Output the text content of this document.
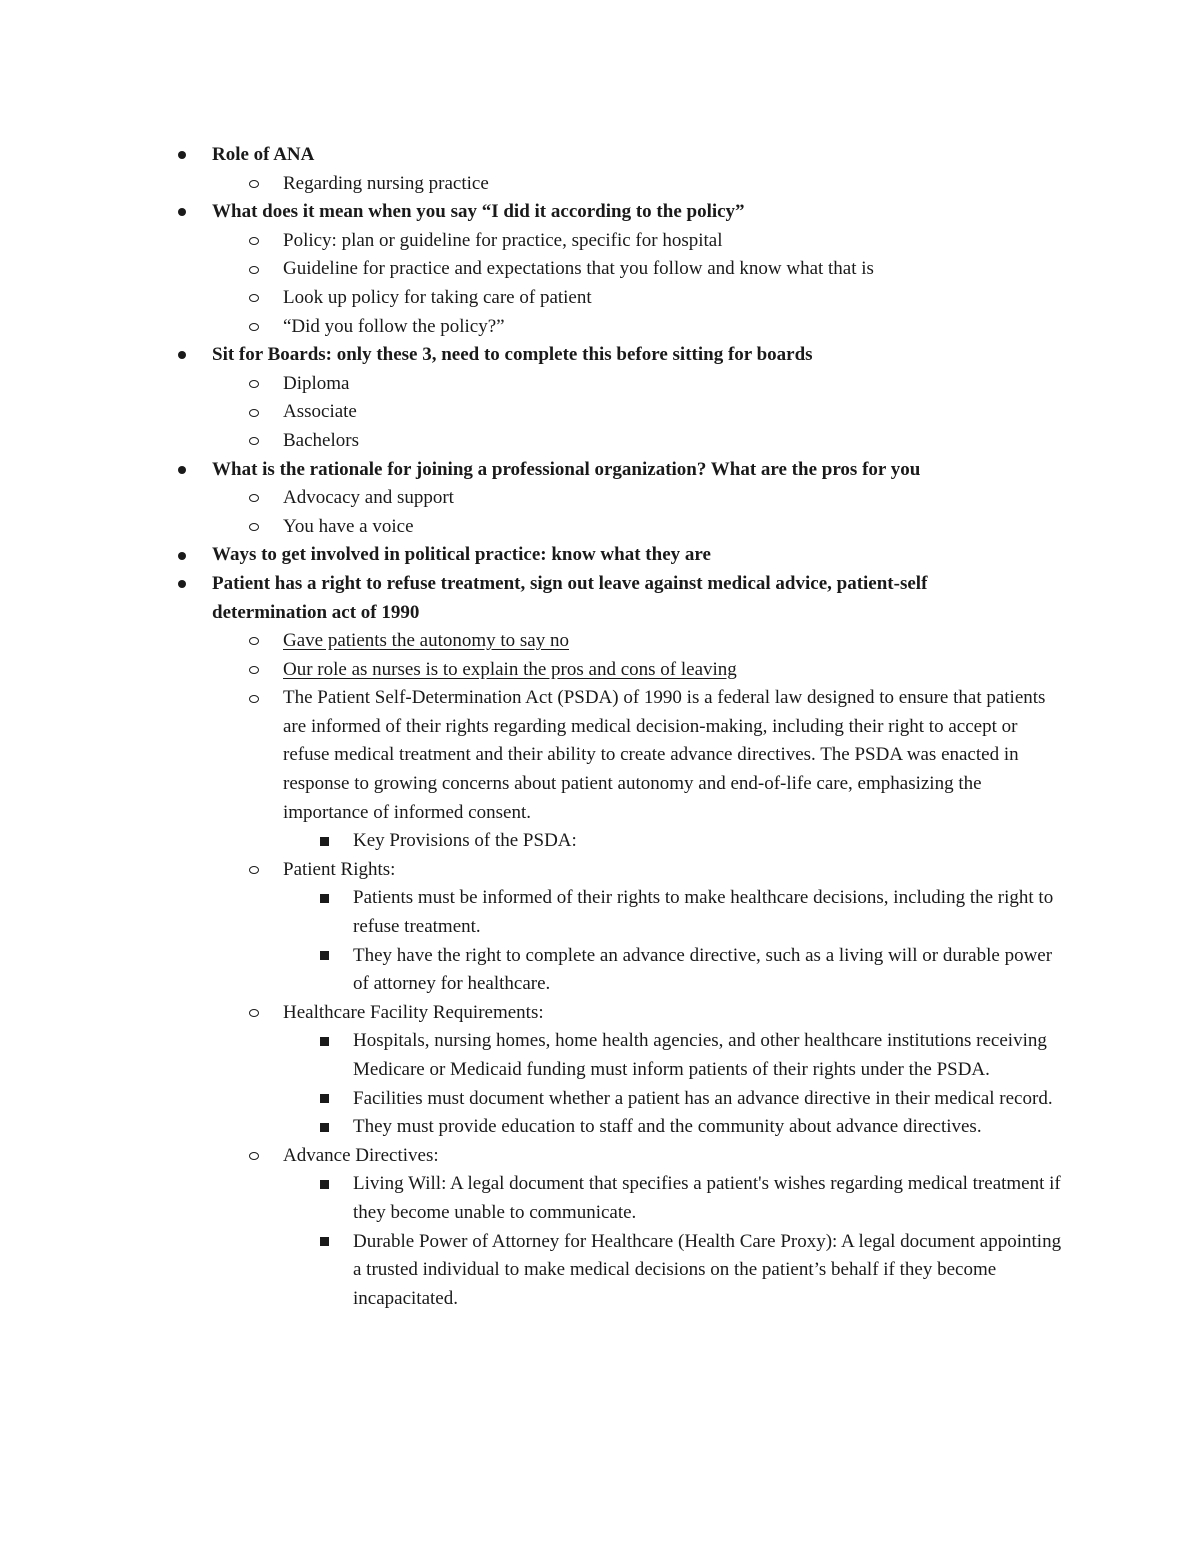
Role of ANA
Regarding nursing practice
What does it mean when you say “I did it according to the policy”
Policy: plan or guideline for practice, specific for hospital
Guideline for practice and expectations that you follow and know what that is
Look up policy for taking care of patient
“Did you follow the policy?”
Sit for Boards: only these 3, need to complete this before sitting for boards
Diploma
Associate
Bachelors
What is the rationale for joining a professional organization? What are the pros for you
Advocacy and support
You have a voice
Ways to get involved in political practice: know what they are
Patient has a right to refuse treatment, sign out leave against medical advice, patient-self determination act of 1990
Gave patients the autonomy to say no
Our role as nurses is to explain the pros and cons of leaving
The Patient Self-Determination Act (PSDA) of 1990 is a federal law designed to ensure that patients are informed of their rights regarding medical decision-making, including their right to accept or refuse medical treatment and their ability to create advance directives. The PSDA was enacted in response to growing concerns about patient autonomy and end-of-life care, emphasizing the importance of informed consent.
Key Provisions of the PSDA:
Patient Rights:
Patients must be informed of their rights to make healthcare decisions, including the right to refuse treatment.
They have the right to complete an advance directive, such as a living will or durable power of attorney for healthcare.
Healthcare Facility Requirements:
Hospitals, nursing homes, home health agencies, and other healthcare institutions receiving Medicare or Medicaid funding must inform patients of their rights under the PSDA.
Facilities must document whether a patient has an advance directive in their medical record.
They must provide education to staff and the community about advance directives.
Advance Directives:
Living Will: A legal document that specifies a patient's wishes regarding medical treatment if they become unable to communicate.
Durable Power of Attorney for Healthcare (Health Care Proxy): A legal document appointing a trusted individual to make medical decisions on the patient’s behalf if they become incapacitated.
